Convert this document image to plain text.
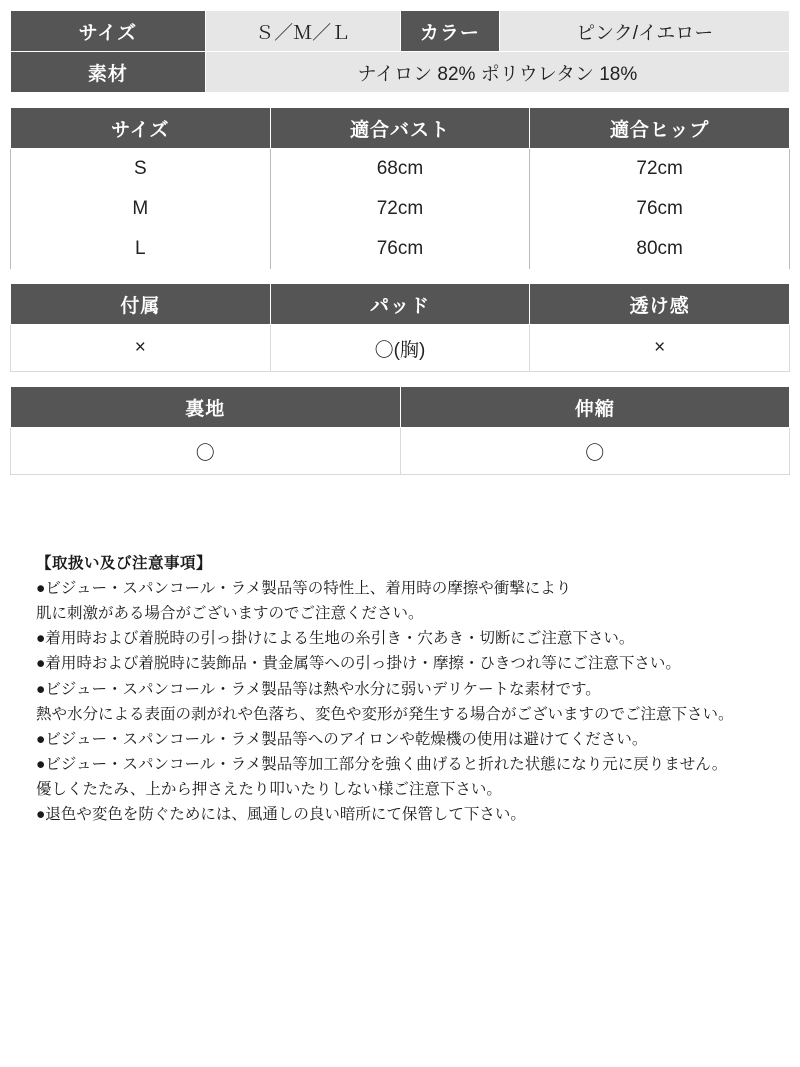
サイズ	Ｓ／Ｍ／Ｌ	カラー	ピンク/イエロー
素材	ナイロン 82% ポリウレタン 18%		
サイズ	適合バスト	適合ヒップ
S	68cm	72cm
M	72cm	76cm
L	76cm	80cm
付属	パッド	透け感
×	〇(胸)	×
裏地	伸縮
〇	〇

【取扱い及び注意事項】

●ビジュー・スパンコール・ラメ製品等の特性上、着用時の摩擦や衝撃により

肌に刺激がある場合がございますのでご注意ください。

●着用時および着脱時の引っ掛けによる生地の糸引き・穴あき・切断にご注意下さい。

●着用時および着脱時に装飾品・貴金属等への引っ掛け・摩擦・ひきつれ等にご注意下さい。

●ビジュー・スパンコール・ラメ製品等は熱や水分に弱いデリケートな素材です。

熱や水分による表面の剥がれや色落ち、変色や変形が発生する場合がございますのでご注意下さい。

●ビジュー・スパンコール・ラメ製品等へのアイロンや乾燥機の使用は避けてください。

●ビジュー・スパンコール・ラメ製品等加工部分を強く曲げると折れた状態になり元に戻りません。

優しくたたみ、上から押さえたり叩いたりしない様ご注意下さい。

●退色や変色を防ぐためには、風通しの良い暗所にて保管して下さい。
